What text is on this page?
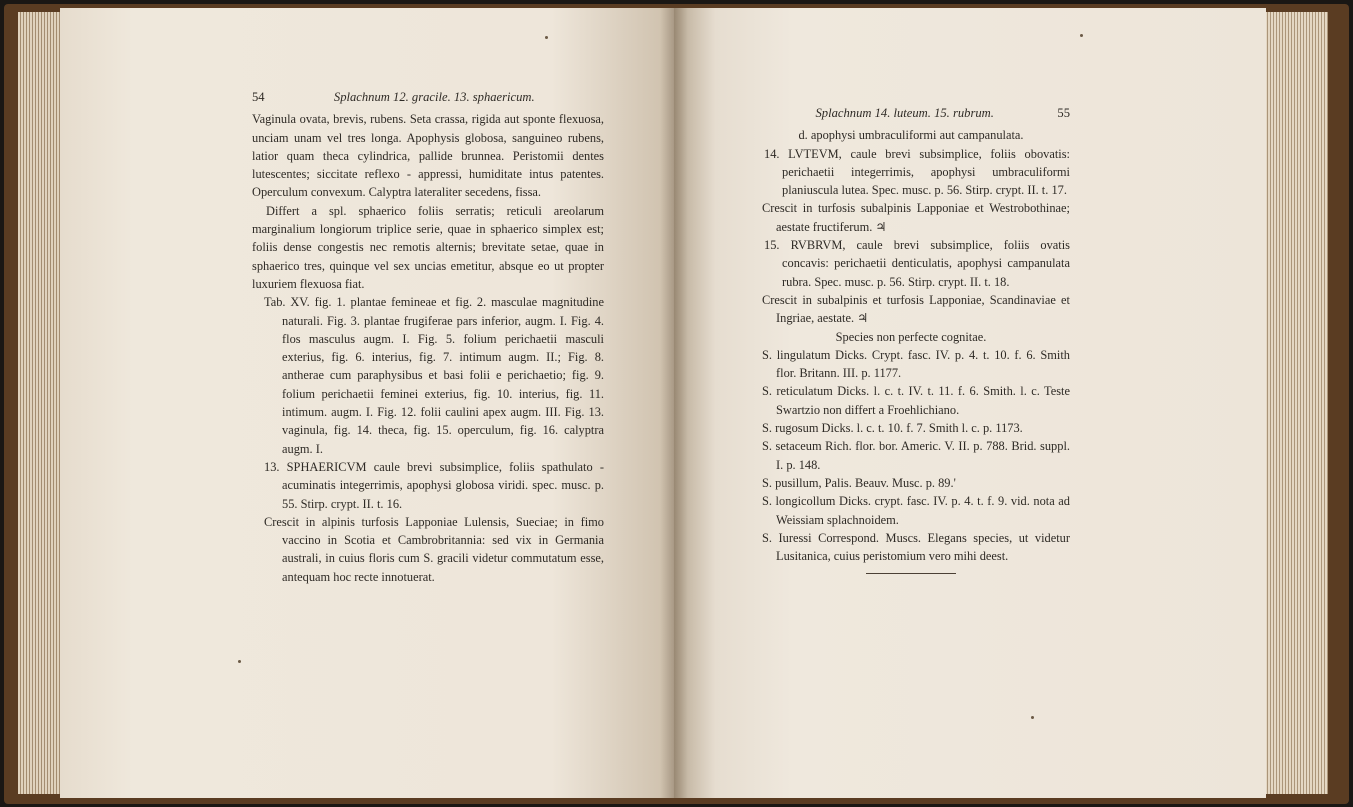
54	Splachnum 12. gracile. 13. sphaericum.

Vaginula ovata, brevis, rubens. Seta crassa, rigida aut sponte flexuosa, unciam unam vel tres longa. Apophysis globosa, sanguineo rubens, latior quam theca cylindrica, pallide brunnea. Peristomii dentes lutescentes; siccitate reflexo - appressi, humiditate intus patentes. Operculum convexum. Calyptra lateraliter secedens, fissa.

Differt a spl. sphaerico foliis serratis; reticuli areolarum marginalium longiorum triplice serie, quae in sphaerico simplex est; foliis dense congestis nec remotis alternis; brevitate setae, quae in sphaerico tres, quinque vel sex uncias emetitur, absque eo ut propter luxuriem flexuosa fiat.

Tab. XV. fig. 1. plantae femineae et fig. 2. masculae magnitudine naturali. Fig. 3. plantae frugiferae pars inferior, augm. I. Fig. 4. flos masculus augm. I. Fig. 5. folium perichaetii masculi exterius, fig. 6. interius, fig. 7. intimum augm. II.; Fig. 8. antherae cum paraphysibus et basi folii e perichaetio; fig. 9. folium perichaetii feminei exterius, fig. 10. interius, fig. 11. intimum. augm. I. Fig. 12. folii caulini apex augm. III. Fig. 13. vaginula, fig. 14. theca, fig. 15. operculum, fig. 16. calyptra augm. I.

13. SPHAERICVM caule brevi subsimplice, foliis spathulato - acuminatis integerrimis, apophysi globosa viridi. spec. musc. p. 55. Stirp. crypt. II. t. 16.

Crescit in alpinis turfosis Lapponiae Lulensis, Sueciae; in fimo vaccino in Scotia et Cambrobritannia: sed vix in Germania australi, in cuius floris cum S. gracili videtur commutatum esse, antequam hoc recte innotuerat.

Splachnum 14. luteum. 15. rubrum.	55

d. apophysi umbraculiformi aut campanulata.

14. LVTEVM, caule brevi subsimplice, foliis obovatis: perichaetii integerrimis, apophysi umbraculiformi planiuscula lutea. Spec. musc. p. 56. Stirp. crypt. II. t. 17.

Crescit in turfosis subalpinis Lapponiae et Westrobothinae; aestate fructiferum. ♃

15. RVBRVM, caule brevi subsimplice, foliis ovatis concavis: perichaetii denticulatis, apophysi campanulata rubra. Spec. musc. p. 56. Stirp. crypt. II. t. 18.

Crescit in subalpinis et turfosis Lapponiae, Scandinaviae et Ingriae, aestate. ♃

Species non perfecte cognitae.

S. lingulatum Dicks. Crypt. fasc. IV. p. 4. t. 10. f. 6. Smith flor. Britann. III. p. 1177.

S. reticulatum Dicks. l. c. t. IV. t. 11. f. 6. Smith. l. c. Teste Swartzio non differt a Froehlichiano.

S. rugosum Dicks. l. c. t. 10. f. 7. Smith l. c. p. 1173.

S. setaceum Rich. flor. bor. Americ. V. II. p. 788. Brid. suppl. I. p. 148.

S. pusillum, Palis. Beauv. Musc. p. 89.'

S. longicollum Dicks. crypt. fasc. IV. p. 4. t. f. 9. vid. nota ad Weissiam splachnoidem.

S. Iuressi Correspond. Muscs. Elegans species, ut videtur Lusitanica, cuius peristomium vero mihi deest.
